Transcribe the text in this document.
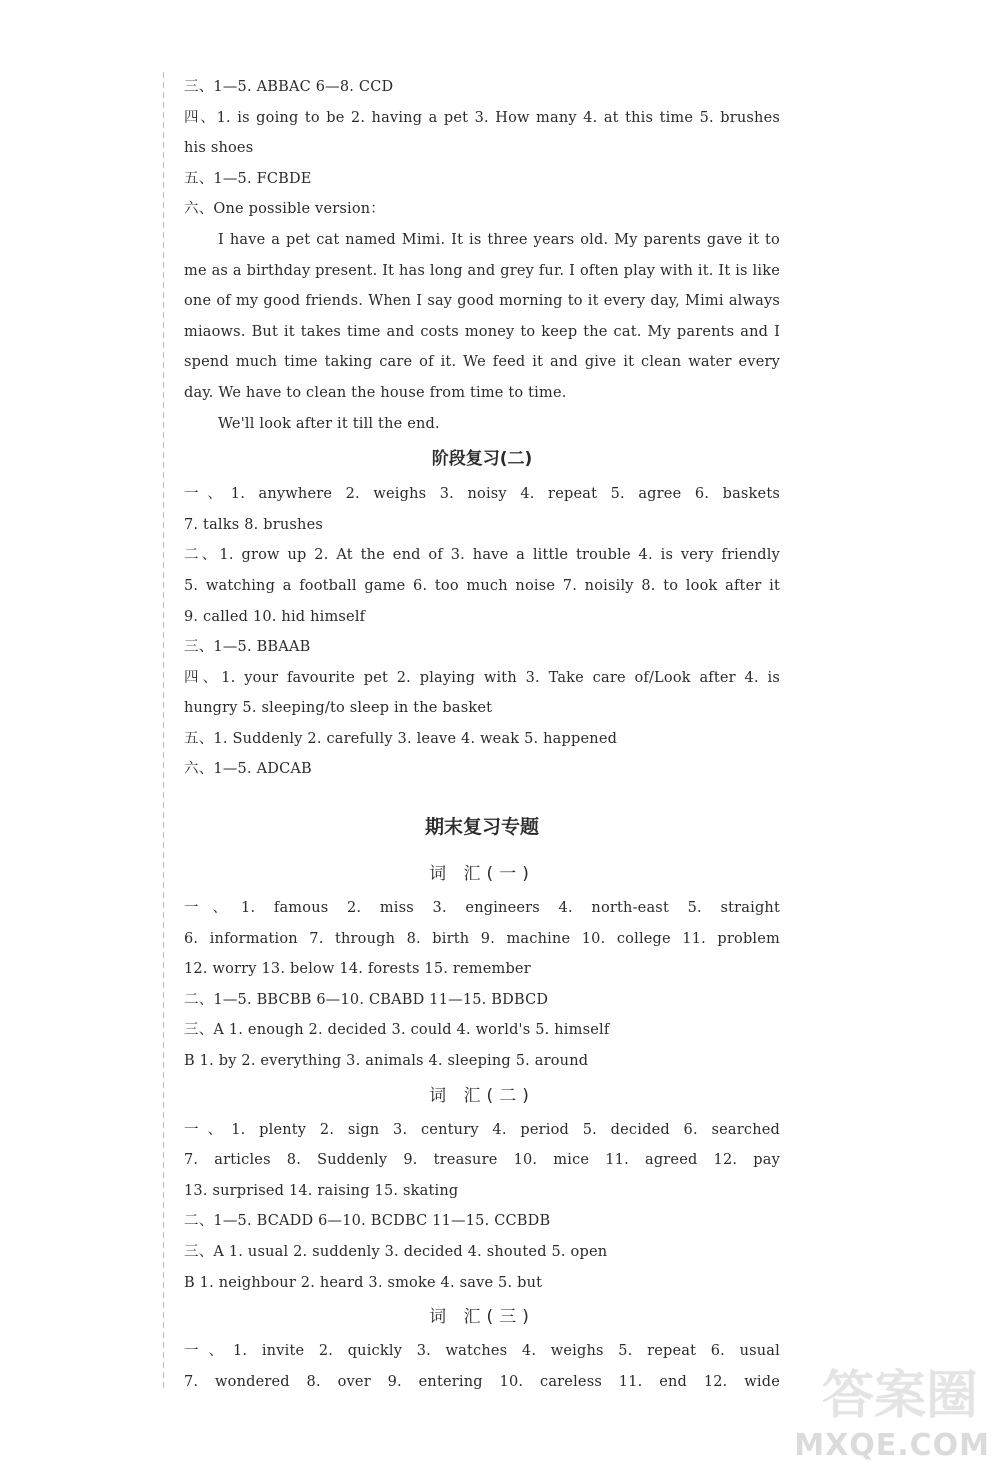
三、1—5. ABBAC 6—8. CCD
四、1. is going to be 2. having a pet 3. How many 4. at this time 5. brushes
his shoes
五、1—5. FCBDE
六、One possible version：
I have a pet cat named Mimi. It is three years old. My parents gave it to me as a birthday present. It has long and grey fur. I often play with it. It is like one of my good friends. When I say good morning to it every day, Mimi always miaows. But it takes time and costs money to keep the cat. My parents and I spend much time taking care of it. We feed it and give it clean water every day. We have to clean the house from time to time.
We'll look after it till the end.
阶段复习(二)
一、1. anywhere 2. weighs 3. noisy 4. repeat 5. agree 6. baskets
7. talks 8. brushes
二、1. grow up 2. At the end of 3. have a little trouble 4. is very friendly
5. watching a football game 6. too much noise 7. noisily 8. to look after it
9. called 10. hid himself
三、1—5. BBAAB
四、1. your favourite pet 2. playing with 3. Take care of/Look after 4. is
hungry 5. sleeping/to sleep in the basket
五、1. Suddenly 2. carefully 3. leave 4. weak 5. happened
六、1—5. ADCAB
期末复习专题
词 汇(一)
一、1. famous 2. miss 3. engineers 4. north-east 5. straight
6. information 7. through 8. birth 9. machine 10. college 11. problem
12. worry 13. below 14. forests 15. remember
二、1—5. BBCBB 6—10. CBABD 11—15. BDBCD
三、A 1. enough 2. decided 3. could 4. world's 5. himself
B 1. by 2. everything 3. animals 4. sleeping 5. around
词 汇(二)
一、1. plenty 2. sign 3. century 4. period 5. decided 6. searched
7. articles 8. Suddenly 9. treasure 10. mice 11. agreed 12. pay
13. surprised 14. raising 15. skating
二、1—5. BCADD 6—10. BCDBC 11—15. CCBDB
三、A 1. usual 2. suddenly 3. decided 4. shouted 5. open
B 1. neighbour 2. heard 3. smoke 4. save 5. but
词 汇(三)
一、1. invite 2. quickly 3. watches 4. weighs 5. repeat 6. usual
7. wondered 8. over 9. entering 10. careless 11. end 12. wide 答案圈
MXQE.COM
